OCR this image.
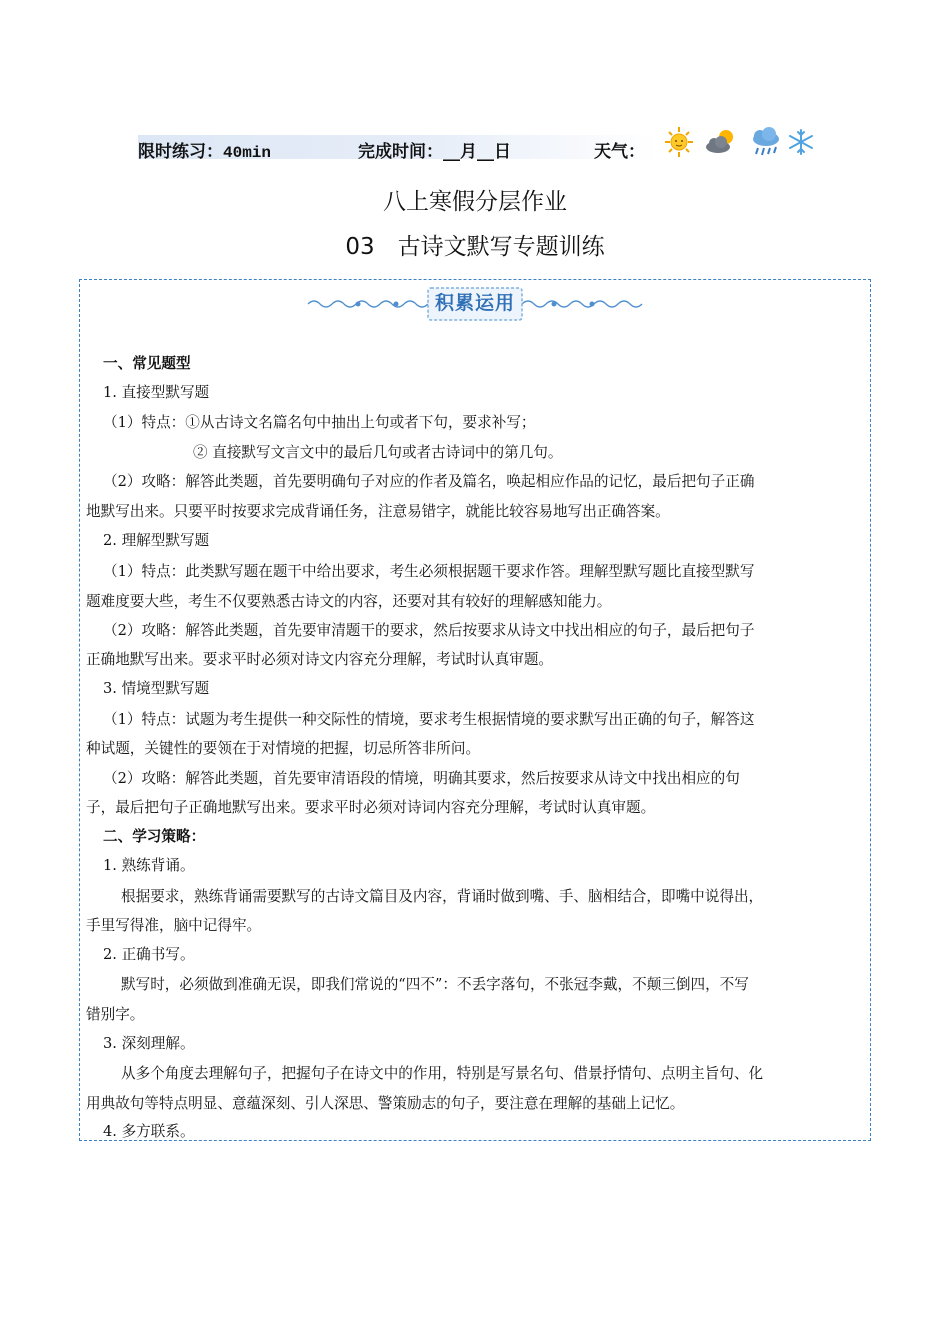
限时练习：40min	完成时间：__月__日	天气：
八上寒假分层作业
03　古诗文默写专题训练
积累运用
一、常见题型
1. 直接型默写题
（1）特点：①从古诗文名篇名句中抽出上句或者下句，要求补写；
② 直接默写文言文中的最后几句或者古诗词中的第几句。
（2）攻略：解答此类题，首先要明确句子对应的作者及篇名，唤起相应作品的记忆，最后把句子正确
地默写出来。只要平时按要求完成背诵任务，注意易错字，就能比较容易地写出正确答案。
2. 理解型默写题
（1）特点：此类默写题在题干中给出要求，考生必须根据题干要求作答。理解型默写题比直接型默写
题难度要大些，考生不仅要熟悉古诗文的内容，还要对其有较好的理解感知能力。
（2）攻略：解答此类题，首先要审清题干的要求，然后按要求从诗文中找出相应的句子，最后把句子
正确地默写出来。要求平时必须对诗文内容充分理解，考试时认真审题。
3. 情境型默写题
（1）特点：试题为考生提供一种交际性的情境，要求考生根据情境的要求默写出正确的句子，解答这
种试题，关键性的要领在于对情境的把握，切忌所答非所问。
（2）攻略：解答此类题，首先要审清语段的情境，明确其要求，然后按要求从诗文中找出相应的句
子，最后把句子正确地默写出来。要求平时必须对诗词内容充分理解，考试时认真审题。
二、学习策略：
1. 熟练背诵。
根据要求，熟练背诵需要默写的古诗文篇目及内容，背诵时做到嘴、手、脑相结合，即嘴中说得出，
手里写得准，脑中记得牢。
2. 正确书写。
默写时，必须做到准确无误，即我们常说的“四不”：不丢字落句，不张冠李戴，不颠三倒四，不写
错别字。
3. 深刻理解。
从多个角度去理解句子，把握句子在诗文中的作用，特别是写景名句、借景抒情句、点明主旨句、化
用典故句等特点明显、意蕴深刻、引人深思、警策励志的句子，要注意在理解的基础上记忆。
4. 多方联系。
